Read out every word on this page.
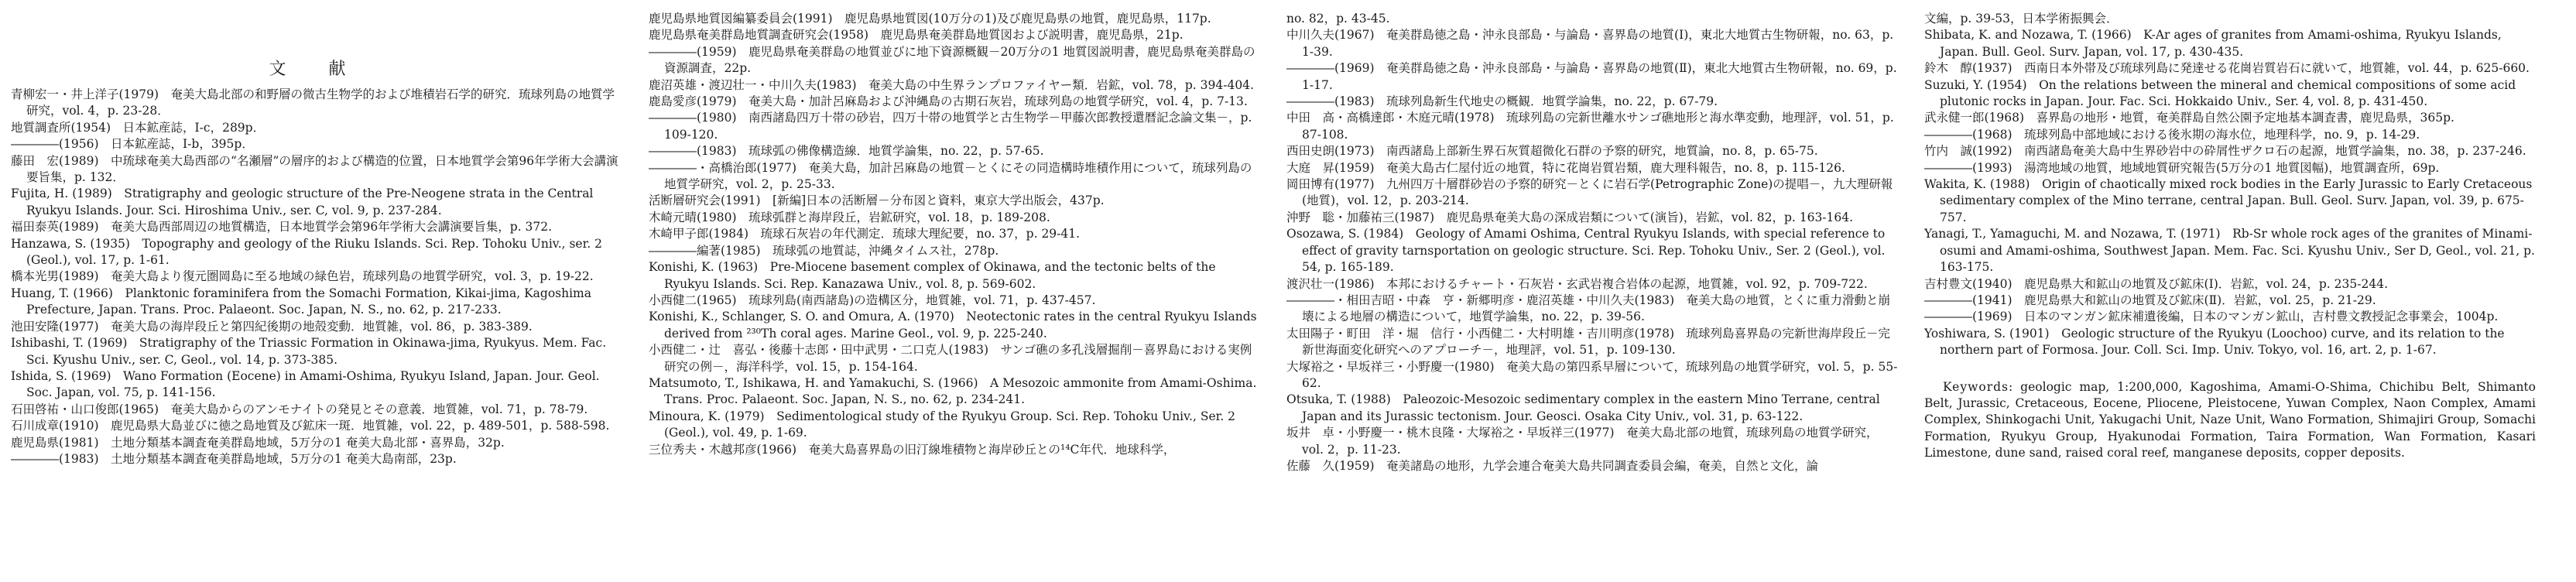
文 献

青柳宏一・井上洋子(1979)　奄美大島北部の和野層の微古生物学的および堆積岩石学的研究．琉球列島の地質学研究，vol. 4，p. 23-28．

地質調査所(1954)　日本鉱産誌，Ⅰ-c，289p．

――――(1956)　日本鉱産誌，Ⅰ-b，395p．

藤田　宏(1989)　中琉球奄美大島西部の“名瀬層”の層序的および構造的位置，日本地質学会第96年学術大会講演要旨集，p. 132．

Fujita, H. (1989)　Stratigraphy and geologic structure of the Pre-Neogene strata in the Central Ryukyu Islands. Jour. Sci. Hiroshima Univ., ser. C, vol. 9, p. 237-284.

福田泰英(1989)　奄美大島西部周辺の地質構造，日本地質学会第96年学術大会講演要旨集，p. 372.

Hanzawa, S. (1935)　Topography and geology of the Riuku Islands. Sci. Rep. Tohoku Univ., ser. 2 (Geol.), vol. 17, p. 1-61.

橋本光男(1989)　奄美大島より復元圏岡島に至る地域の緑色岩，琉球列島の地質学研究，vol. 3，p. 19-22.

Huang, T. (1966)　Planktonic foraminifera from the Somachi Formation, Kikai-jima, Kagoshima Prefecture, Japan. Trans. Proc. Palaeont. Soc. Japan, N. S., no. 62, p. 217-233.

池田安隆(1977)　奄美大島の海岸段丘と第四紀後期の地殻変動．地質雑，vol. 86，p. 383-389.

Ishibashi, T. (1969)　Stratigraphy of the Triassic Formation in Okinawa-jima, Ryukyus. Mem. Fac. Sci. Kyushu Univ., ser. C, Geol., vol. 14, p. 373-385.

Ishida, S. (1969)　Wano Formation (Eocene) in Amami-Oshima, Ryukyu Island, Japan. Jour. Geol. Soc. Japan, vol. 75, p. 141-156.

石田啓祐・山口俊郎(1965)　奄美大島からのアンモナイトの発見とその意義．地質雑，vol. 71，p. 78-79.

石川成章(1910)　鹿児島県大島並びに徳之島地質及び鉱床一斑．地質雑，vol. 22，p. 489-501，p. 588-598.

鹿児島県(1981)　土地分類基本調査奄美群島地域，5万分の1 奄美大島北部・喜界島，32p.

――――(1983)　土地分類基本調査奄美群島地域，5万分の1 奄美大島南部，23p.

鹿児島県地質図編纂委員会(1991)　鹿児島県地質図(10万分の1)及び鹿児島県の地質，鹿児島県，117p.

鹿児島県奄美群島地質調査研究会(1958)　鹿児島県奄美群島地質図および説明書，鹿児島県，21p.

――――(1959)　鹿児島県奄美群島の地質並びに地下資源概観－20万分の1 地質図説明書，鹿児島県奄美群島の資源調査，22p.

鹿沼英雄・渡辺壮一・中川久夫(1983)　奄美大島の中生界ランプロファイヤー類．岩鉱，vol. 78，p. 394-404.

鹿島愛彦(1979)　奄美大島・加計呂麻島および沖縄島の古期石灰岩，琉球列島の地質学研究，vol. 4，p. 7-13.

――――(1980)　南西諸島四万十帯の砂岩，四万十帯の地質学と古生物学－甲藤次郎教授還暦記念論文集－，p. 109-120.

――――(1983)　琉球弧の佛像構造線．地質学論集，no. 22，p. 57-65.

――――・高橋治郎(1977)　奄美大島，加計呂麻島の地質－とくにその同造構時堆積作用について，琉球列島の地質学研究，vol. 2，p. 25-33.

活断層研究会(1991)　[新編]日本の活断層－分布図と資料，東京大学出版会，437p.

木崎元晴(1980)　琉球弧群と海岸段丘，岩鉱研究，vol. 18，p. 189-208.

木崎甲子郎(1984)　琉球石灰岩の年代測定．琉球大理紀要，no. 37，p. 29-41.

――――編著(1985)　琉球弧の地質誌，沖縄タイムス社，278p.

Konishi, K. (1963)　Pre-Miocene basement complex of Okinawa, and the tectonic belts of the Ryukyu Islands. Sci. Rep. Kanazawa Univ., vol. 8, p. 569-602.

小西健二(1965)　琉球列島(南西諸島)の造構区分，地質雑，vol. 71，p. 437-457.

Konishi, K., Schlanger, S. O. and Omura, A. (1970)　Neotectonic rates in the central Ryukyu Islands derived from ²³⁰Th coral ages. Marine Geol., vol. 9, p. 225-240.

小西健二・辻　喜弘・後藤十志郎・田中武男・二口克人(1983)　サンゴ礁の多孔浅層掘削－喜界島における実例研究の例－，海洋科学，vol. 15，p. 154-164.

Matsumoto, T., Ishikawa, H. and Yamakuchi, S. (1966)　A Mesozoic ammonite from Amami-Oshima. Trans. Proc. Palaeont. Soc. Japan, N. S., no. 62, p. 234-241.

Minoura, K. (1979)　Sedimentological study of the Ryukyu Group. Sci. Rep. Tohoku Univ., Ser. 2 (Geol.), vol. 49, p. 1-69.

三位秀夫・木越邦彦(1966)　奄美大島喜界島の旧汀線堆積物と海岸砂丘との¹⁴C年代．地球科学，

no. 82，p. 43-45.

中川久夫(1967)　奄美群島徳之島・沖永良部島・与論島・喜界島の地質(Ⅰ)，東北大地質古生物研報，no. 63，p. 1-39.

――――(1969)　奄美群島徳之島・沖永良部島・与論島・喜界島の地質(Ⅱ)，東北大地質古生物研報，no. 69，p. 1-17.

――――(1983)　琉球列島新生代地史の概観．地質学論集，no. 22，p. 67-79.

中田　高・高橋達郎・木庭元晴(1978)　琉球列島の完新世離水サンゴ礁地形と海水準変動，地理評，vol. 51，p. 87-108.

西田史朗(1973)　南西諸島上部新生界石灰質超微化石群の予察的研究，地質論，no. 8，p. 65-75.

大庭　昇(1959)　奄美大島古仁屋付近の地質，特に花崗岩質岩類，鹿大理科報告，no. 8，p. 115-126.

岡田博有(1977)　九州四万十層群砂岩の予察的研究－とくに岩石学(Petrographic Zone)の提唱－，九大理研報(地質)，vol. 12，p. 203-214.

沖野　聡・加藤祐三(1987)　鹿児島県奄美大島の深成岩類について(演旨)，岩鉱，vol. 82，p. 163-164.

Osozawa, S. (1984)　Geology of Amami Oshima, Central Ryukyu Islands, with special reference to effect of gravity tarnsportation on geologic structure. Sci. Rep. Tohoku Univ., Ser. 2 (Geol.), vol. 54, p. 165-189.

渡沢壮一(1986)　本邦におけるチャート・石灰岩・玄武岩複合岩体の起源，地質雑，vol. 92，p. 709-722.

――――・相田吉昭・中森　亨・新郷明彦・鹿沼英雄・中川久夫(1983)　奄美大島の地質，とくに重力滑動と崩壊による地層の構造について，地質学論集，no. 22，p. 39-56.

太田陽子・町田　洋・堀　信行・小西健二・大村明雄・吉川明彦(1978)　琉球列島喜界島の完新世海岸段丘－完新世海面変化研究へのアプローチ－，地理評，vol. 51，p. 109-130.

大塚裕之・早坂祥三・小野慶一(1980)　奄美大島の第四系早層について，琉球列島の地質学研究，vol. 5，p. 55-62.

Otsuka, T. (1988)　Paleozoic-Mesozoic sedimentary complex in the eastern Mino Terrane, central Japan and its Jurassic tectonism. Jour. Geosci. Osaka City Univ., vol. 31, p. 63-122.

坂井　卓・小野慶一・桃木良隆・大塚裕之・早坂祥三(1977)　奄美大島北部の地質，琉球列島の地質学研究，vol. 2，p. 11-23.

佐藤　久(1959)　奄美諸島の地形，九学会連合奄美大島共同調査委員会編，奄美，自然と文化，論

文編，p. 39-53，日本学術振興会．

Shibata, K. and Nozawa, T. (1966)　K-Ar ages of granites from Amami-oshima, Ryukyu Islands, Japan. Bull. Geol. Surv. Japan, vol. 17, p. 430-435.

鈴木　醇(1937)　西南日本外帯及び琉球列島に発達せる花崗岩質岩石に就いて，地質雑，vol. 44，p. 625-660.

Suzuki, Y. (1954)　On the relations between the mineral and chemical compositions of some acid plutonic rocks in Japan. Jour. Fac. Sci. Hokkaido Univ., Ser. 4, vol. 8, p. 431-450.

武永健一郎(1968)　喜界島の地形・地質，奄美群島自然公園予定地基本調査書，鹿児島県，365p.

――――(1968)　琉球列島中部地域における後氷期の海水位，地理科学，no. 9，p. 14-29.

竹内　誠(1992)　南西諸島奄美大島中生界砂岩中の砕屑性ザクロ石の起源，地質学論集，no. 38，p. 237-246.

――――(1993)　湯湾地域の地質，地域地質研究報告(5万分の1 地質図幅)，地質調査所，69p.

Wakita, K. (1988)　Origin of chaotically mixed rock bodies in the Early Jurassic to Early Cretaceous sedimentary complex of the Mino terrane, central Japan. Bull. Geol. Surv. Japan, vol. 39, p. 675-757.

Yanagi, T., Yamaguchi, M. and Nozawa, T. (1971)　Rb-Sr whole rock ages of the granites of Minami-osumi and Amami-oshima, Southwest Japan. Mem. Fac. Sci. Kyushu Univ., Ser D, Geol., vol. 21, p. 163-175.

吉村豊文(1940)　鹿児島県大和鉱山の地質及び鉱床(Ⅰ)．岩鉱，vol. 24，p. 235-244.

――――(1941)　鹿児島県大和鉱山の地質及び鉱床(Ⅱ)．岩鉱，vol. 25，p. 21-29.

――――(1969)　日本のマンガン鉱床補遺後編，日本のマンガン鉱山，吉村豊文教授記念事業会，1004p.

Yoshiwara, S. (1901)　Geologic structure of the Ryukyu (Loochoo) curve, and its relation to the northern part of Formosa. Jour. Coll. Sci. Imp. Univ. Tokyo, vol. 16, art. 2, p. 1-67.

Keywords: geologic map, 1:200,000, Kagoshima, Amami-O-Shima, Chichibu Belt, Shimanto Belt, Jurassic, Cretaceous, Eocene, Pliocene, Pleistocene, Yuwan Complex, Naon Complex, Amami Complex, Shinkogachi Unit, Yakugachi Unit, Naze Unit, Wano Formation, Shimajiri Group, Somachi Formation, Ryukyu Group, Hyakunodai Formation, Taira Formation, Wan Formation, Kasari Limestone, dune sand, raised coral reef, manganese deposits, copper deposits.
